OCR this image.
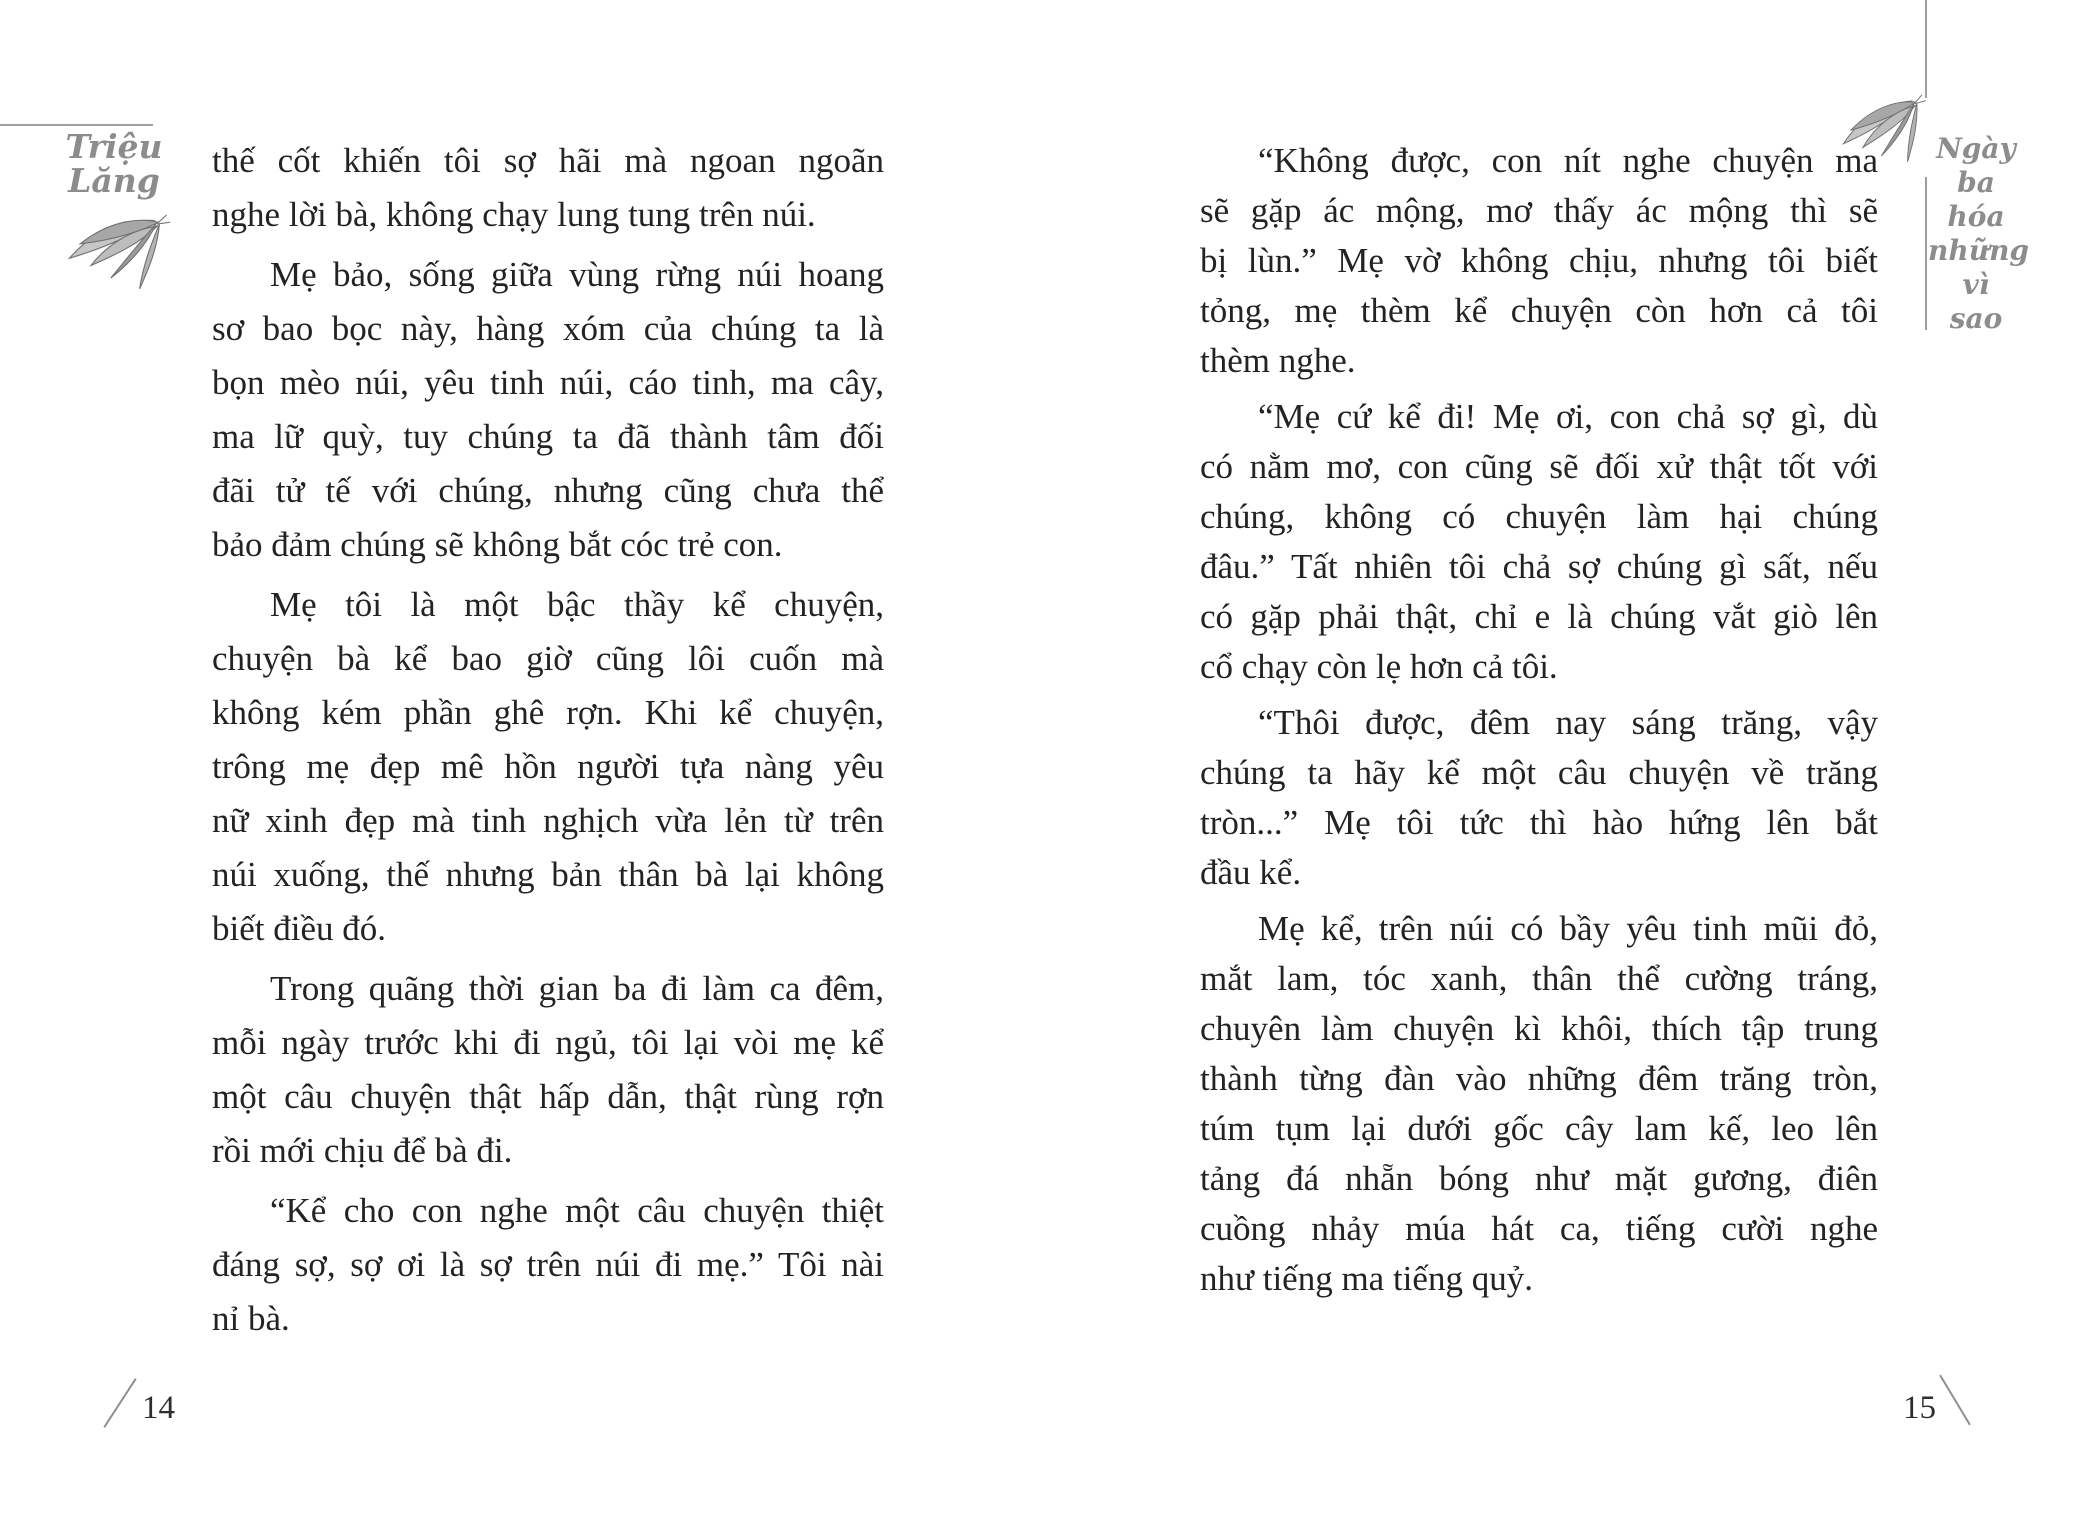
Triệu
Lăng
Ngày
ba
hóa
những
vì
sao
thế cốt khiến tôi sợ hãi mà ngoan ngoãn
nghe lời bà, không chạy lung tung trên núi.
Mẹ bảo, sống giữa vùng rừng núi hoang
sơ bao bọc này, hàng xóm của chúng ta là
bọn mèo núi, yêu tinh núi, cáo tinh, ma cây,
ma lữ quỳ, tuy chúng ta đã thành tâm đối
đãi tử tế với chúng, nhưng cũng chưa thể
bảo đảm chúng sẽ không bắt cóc trẻ con.
Mẹ tôi là một bậc thầy kể chuyện,
chuyện bà kể bao giờ cũng lôi cuốn mà
không kém phần ghê rợn. Khi kể chuyện,
trông mẹ đẹp mê hồn người tựa nàng yêu
nữ xinh đẹp mà tinh nghịch vừa lẻn từ trên
núi xuống, thế nhưng bản thân bà lại không
biết điều đó.
Trong quãng thời gian ba đi làm ca đêm,
mỗi ngày trước khi đi ngủ, tôi lại vòi mẹ kể
một câu chuyện thật hấp dẫn, thật rùng rợn
rồi mới chịu để bà đi.
“Kể cho con nghe một câu chuyện thiệt
đáng sợ, sợ ơi là sợ trên núi đi mẹ.” Tôi nài
nỉ bà.
“Không được, con nít nghe chuyện ma
sẽ gặp ác mộng, mơ thấy ác mộng thì sẽ
bị lùn.” Mẹ vờ không chịu, nhưng tôi biết
tỏng, mẹ thèm kể chuyện còn hơn cả tôi
thèm nghe.
“Mẹ cứ kể đi! Mẹ ơi, con chả sợ gì, dù
có nằm mơ, con cũng sẽ đối xử thật tốt với
chúng, không có chuyện làm hại chúng
đâu.” Tất nhiên tôi chả sợ chúng gì sất, nếu
có gặp phải thật, chỉ e là chúng vắt giò lên
cổ chạy còn lẹ hơn cả tôi.
“Thôi được, đêm nay sáng trăng, vậy
chúng ta hãy kể một câu chuyện về trăng
tròn...” Mẹ tôi tức thì hào hứng lên bắt
đầu kể.
Mẹ kể, trên núi có bầy yêu tinh mũi đỏ,
mắt lam, tóc xanh, thân thể cường tráng,
chuyên làm chuyện kì khôi, thích tập trung
thành từng đàn vào những đêm trăng tròn,
túm tụm lại dưới gốc cây lam kế, leo lên
tảng đá nhẵn bóng như mặt gương, điên
cuồng nhảy múa hát ca, tiếng cười nghe
như tiếng ma tiếng quỷ.
14	15
